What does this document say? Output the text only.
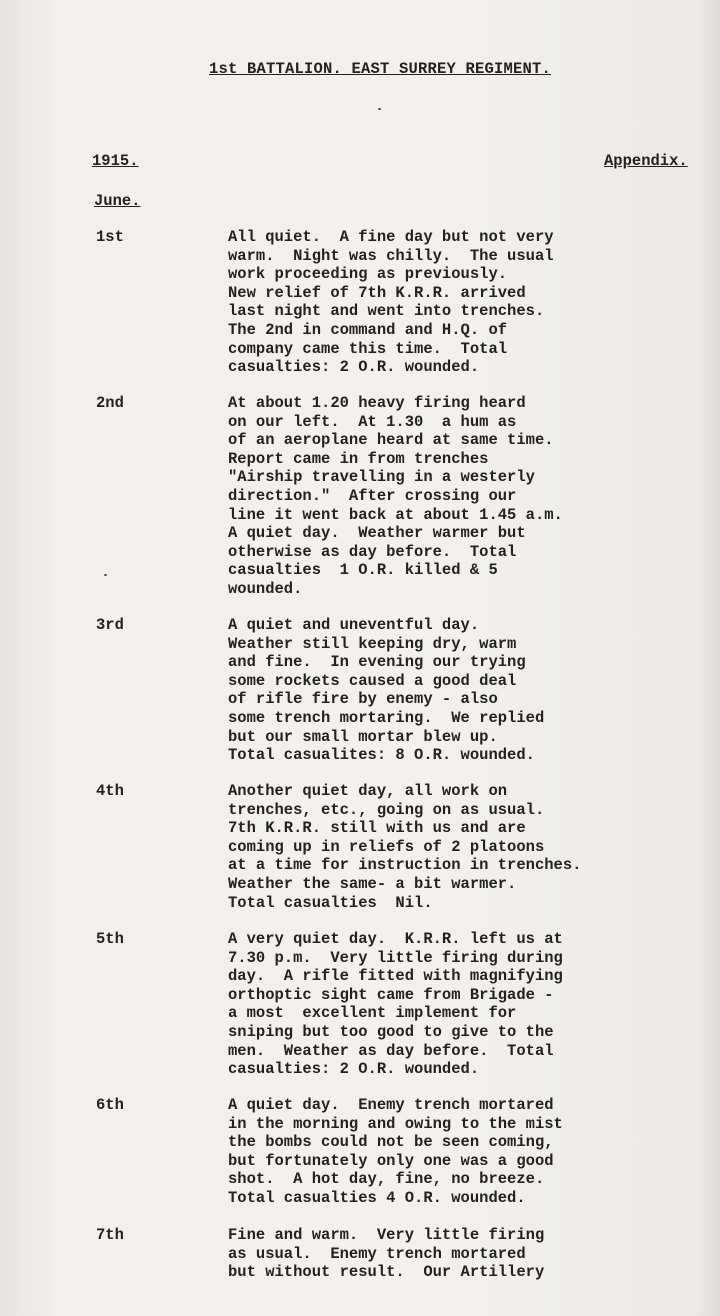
1st BATTALION. EAST SURREY REGIMENT.
1915.	Appendix.
June.
1st	All quiet.  A fine day but not very
warm.  Night was chilly.  The usual
work proceeding as previously.
New relief of 7th K.R.R. arrived
last night and went into trenches.
The 2nd in command and H.Q. of
company came this time.  Total
casualties: 2 O.R. wounded.
2nd	At about 1.20 heavy firing heard
on our left.  At 1.30  a hum as
of an aeroplane heard at same time.
Report came in from trenches
"Airship travelling in a westerly
direction."  After crossing our
line it went back at about 1.45 a.m.
A quiet day.  Weather warmer but
otherwise as day before.  Total
casualties  1 O.R. killed & 5
wounded.
3rd	A quiet and uneventful day.
Weather still keeping dry, warm
and fine.  In evening our trying
some rockets caused a good deal
of rifle fire by enemy - also
some trench mortaring.  We replied
but our small mortar blew up.
Total casualites: 8 O.R. wounded.
4th	Another quiet day, all work on
trenches, etc., going on as usual.
7th K.R.R. still with us and are
coming up in reliefs of 2 platoons
at a time for instruction in trenches.
Weather the same- a bit warmer.
Total casualties  Nil.
5th	A very quiet day.  K.R.R. left us at
7.30 p.m.  Very little firing during
day.  A rifle fitted with magnifying
orthoptic sight came from Brigade -
a most  excellent implement for
sniping but too good to give to the
men.  Weather as day before.  Total
casualties: 2 O.R. wounded.
6th	A quiet day.  Enemy trench mortared
in the morning and owing to the mist
the bombs could not be seen coming,
but fortunately only one was a good
shot.  A hot day, fine, no breeze.
Total casualties 4 O.R. wounded.
7th	Fine and warm.  Very little firing
as usual.  Enemy trench mortared
but without result.  Our Artillery
